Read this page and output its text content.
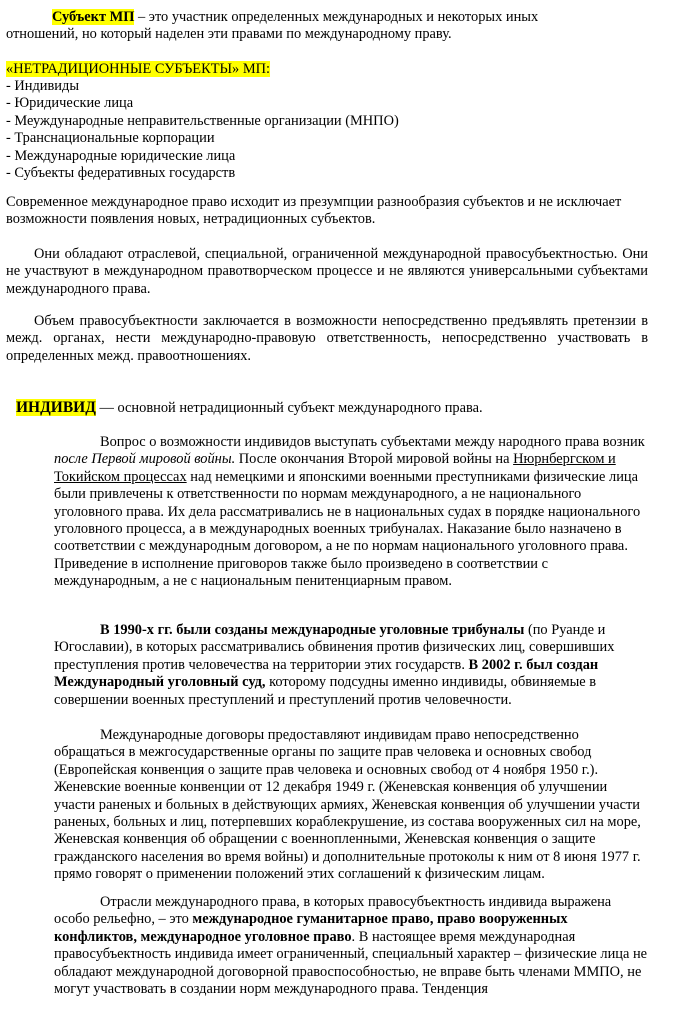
Субъект МП – это участник определенных международных и некоторых иных отношений, но который наделен эти правами по международному праву.

«НЕТРАДИЦИОННЫЕ СУБЪЕКТЫ» МП:

- Индивиды
- Юридические лица
- Меуждународные неправительственные организации (МНПО)
- Транснациональные корпорации
- Международные юридические лица
- Субъекты федеративных государств

Современное международное право исходит из презумпции разнообразия субъектов и не исключает возможности появления новых, нетрадиционных субъектов.

Они обладают отраслевой, специальной, ограниченной международной правосубъектностью. Они не участвуют в международном правотворческом процессе и не являются универсальными субъектами международного права.

Объем правосубъектности заключается в возможности непосредственно предъявлять претензии в межд. органах, нести международно-правовую ответственность, непосредственно участвовать в определенных межд. правоотношениях.

ИНДИВИД — основной нетрадиционный субъект международного права.

Вопрос о возможности индивидов выступать субъектами между народного права возник после Первой мировой войны. После окончания Второй мировой войны на Нюрнбергском и Токийском процессах над немецкими и японскими военными преступниками физические лица были привлечены к ответственности по нормам международного, а не национального уголовного права. Их дела рассматривались не в национальных судах в порядке национального уголовного процесса, а в международных военных трибуналах. Наказание было назначено в соответствии с международным договором, а не по нормам национального уголовного права. Приведение в исполнение приговоров также было произведено в соответствии с международным, а не с национальным пенитенциарным правом.

В 1990-х гг. были созданы международные уголовные трибуналы (по Руанде и Югославии), в которых рассматривались обвинения против физических лиц, совершивших преступления против человечества на территории этих государств. В 2002 г. был создан Международный уголовный суд, которому подсудны именно индивиды, обвиняемые в совершении военных преступлений и преступлений против человечности.

Международные договоры предоставляют индивидам право непосредственно обращаться в межгосударственные органы по защите прав человека и основных свобод (Европейская конвенция о защите прав человека и основных свобод от 4 ноября 1950 г.). Женевские военные конвенции от 12 декабря 1949 г. (Женевская конвенция об улучшении участи раненых и больных в действующих армиях, Женевская конвенция об улучшении участи раненых, больных и лиц, потерпевших кораблекрушение, из состава вооруженных сил на море, Женевская конвенция об обращении с военнопленными, Женевская конвенция о защите гражданского населения во время войны) и дополнительные протоколы к ним от 8 июня 1977 г. прямо говорят о применении положений этих соглашений к физическим лицам.

Отрасли международного права, в которых правосубъектность индивида выражена особо рельефно, – это международное гуманитарное право, право вооруженных конфликтов, международное уголовное право. В настоящее время международная правосубъектность индивида имеет ограниченный, специальный характер – физические лица не обладают международной договорной правоспособностью, не вправе быть членами ММПО, не могут участвовать в создании норм международного права. Тенденция
